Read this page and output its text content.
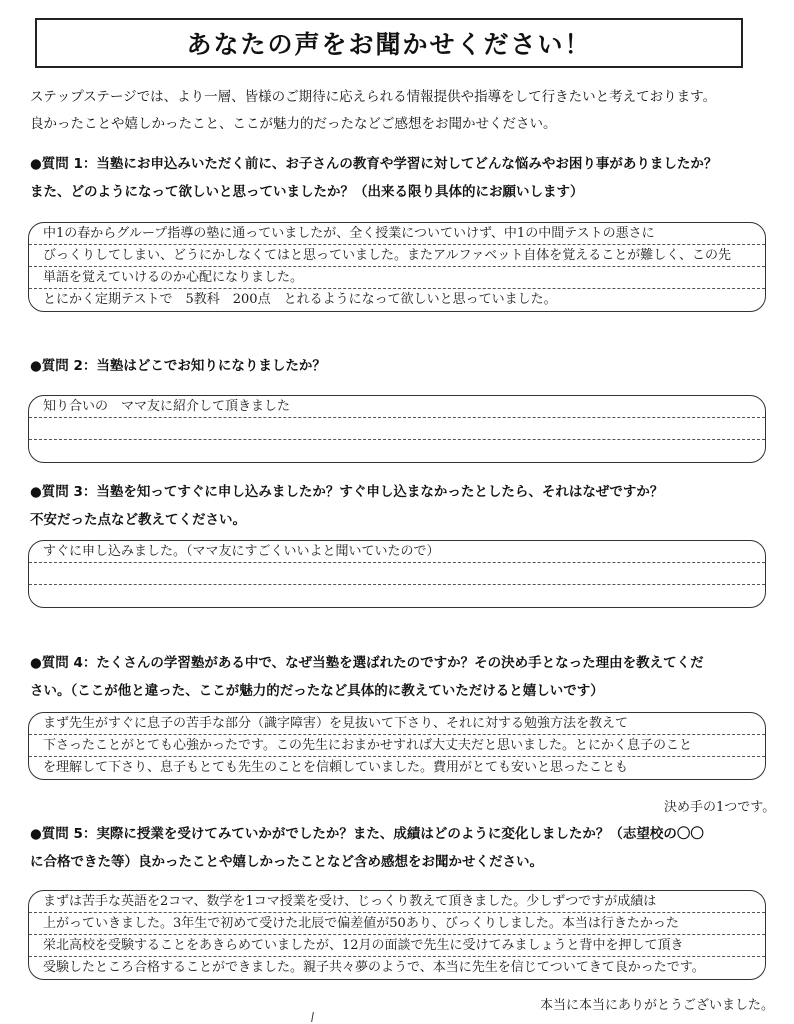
あなたの声をお聞かせください！
ステップステージでは、より一層、皆様のご期待に応えられる情報提供や指導をして行きたいと考えております。
良かったことや嬉しかったこと、ここが魅力的だったなどご感想をお聞かせください。
●質問 1：当塾にお申込みいただく前に、お子さんの教育や学習に対してどんな悩みやお困り事がありましたか？
また、どのようになって欲しいと思っていましたか？（出来る限り具体的にお願いします）
中1の春からグループ指導の塾に通っていましたが、全く授業についていけず、中1の中間テストの悪さに
びっくりしてしまい、どうにかしなくてはと思っていました。またアルファベット自体を覚えることが難しく、この先
単語を覚えていけるのか心配になりました。
とにかく定期テストで　5教科　200点　とれるようになって欲しいと思っていました。
●質問 2：当塾はどこでお知りになりましたか？
知り合いの　ママ友に紹介して頂きました
●質問 3：当塾を知ってすぐに申し込みましたか？すぐ申し込まなかったとしたら、それはなぜですか？
不安だった点など教えてください。
すぐに申し込みました。（ママ友にすごくいいよと聞いていたので）
●質問 4：たくさんの学習塾がある中で、なぜ当塾を選ばれたのですか？その決め手となった理由を教えてくだ
さい。（ここが他と違った、ここが魅力的だったなど具体的に教えていただけると嬉しいです）
まず先生がすぐに息子の苦手な部分（識字障害）を見抜いて下さり、それに対する勉強方法を教えて
下さったことがとても心強かったです。この先生におまかせすれば大丈夫だと思いました。とにかく息子のこと
を理解して下さり、息子もとても先生のことを信頼していました。費用がとても安いと思ったことも
決め手の1つです。
●質問 5：実際に授業を受けてみていかがでしたか？また、成績はどのように変化しましたか？（志望校の〇〇
に合格できた等）良かったことや嬉しかったことなど含め感想をお聞かせください。
まずは苦手な英語を2コマ、数学を1コマ授業を受け、じっくり教えて頂きました。少しずつですが成績は
上がっていきました。3年生で初めて受けた北辰で偏差値が50あり、びっくりしました。本当は行きたかった
栄北高校を受験することをあきらめていましたが、12月の面談で先生に受けてみましょうと背中を押して頂き
受験したところ合格することができました。親子共々夢のようで、本当に先生を信じてついてきて良かったです。
本当に本当にありがとうございました。
